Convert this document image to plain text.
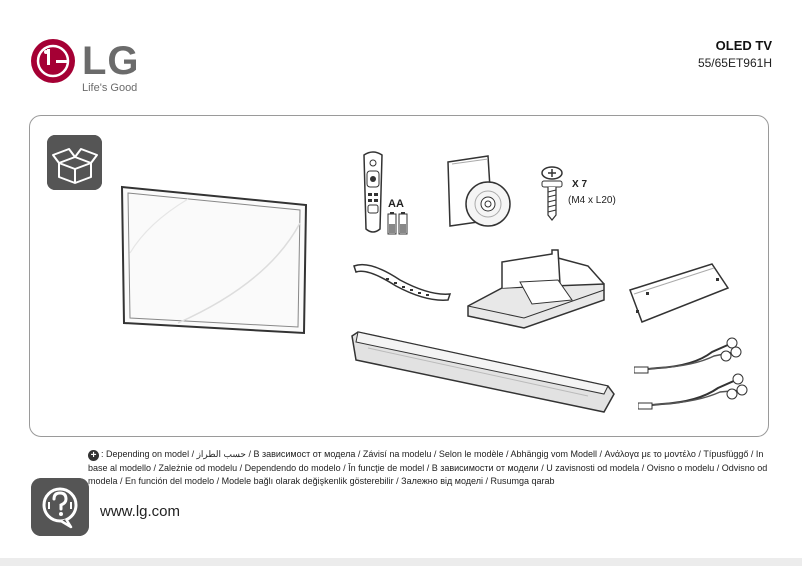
LG
Life's Good
OLED TV
55/65ET961H
AA
X 7
(M4 x L20)
+ : Depending on model / حسب الطراز / В зависимост от модела / Závisí na modelu / Selon le modèle / Abhängig vom Modell / Ανάλογα με το μοντέλο / Típusfüggő / In base al modello / Zależnie od modelu / Dependendo do modelo / În funcţie de model / В зависимости от модели / U zavisnosti od modela / Ovisno o modelu / Odvisno od modela / En función del modelo / Modele bağlı olarak değişkenlik gösterebilir / Залежно від моделі / Rusumga qarab
www.lg.com
